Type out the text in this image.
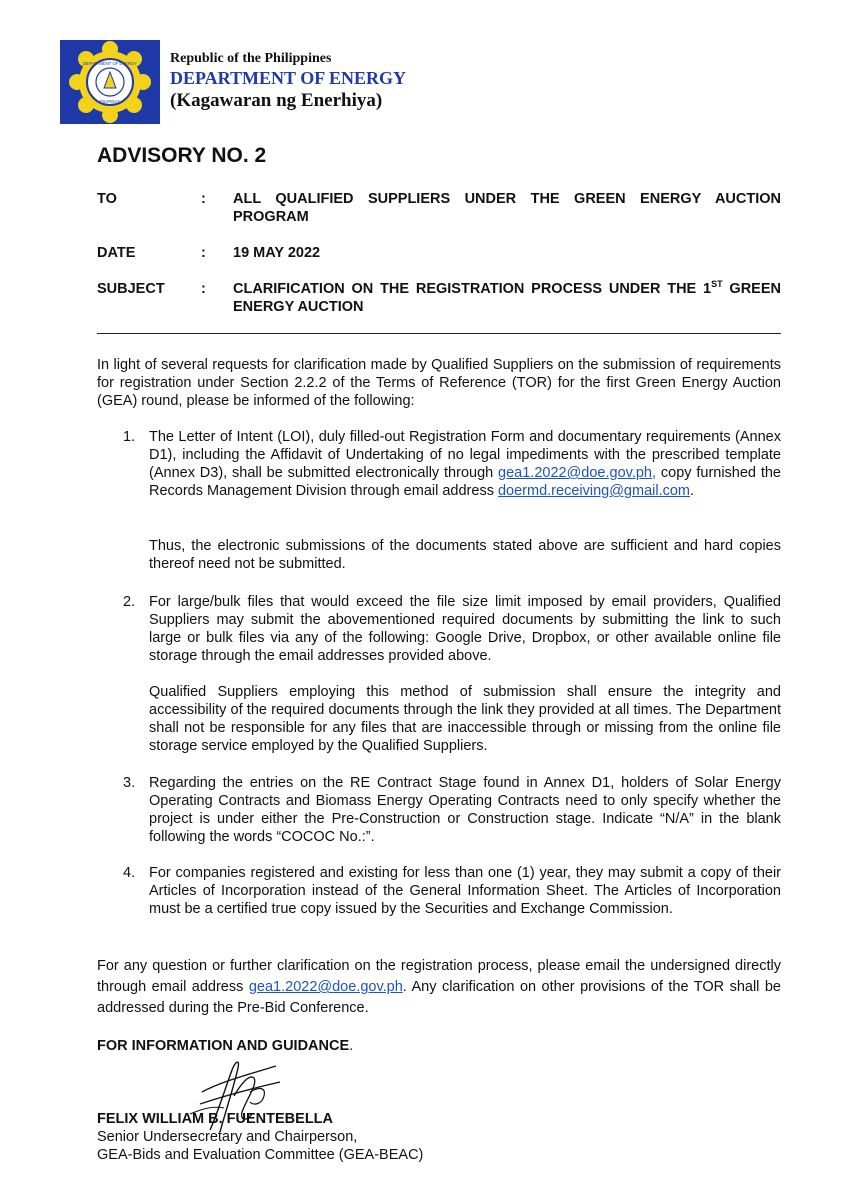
DEPARTMENT OF ENERGY
PILIPINAS
Republic of the Philippines
DEPARTMENT OF ENERGY
(Kagawaran ng Enerhiya)
ADVISORY NO. 2
TO	: ALL QUALIFIED SUPPLIERS UNDER THE GREEN ENERGY AUCTION PROGRAM
DATE	: 19 MAY 2022
SUBJECT	: CLARIFICATION ON THE REGISTRATION PROCESS UNDER THE 1ST GREEN ENERGY AUCTION

In light of several requests for clarification made by Qualified Suppliers on the submission of requirements for registration under Section 2.2.2 of the Terms of Reference (TOR) for the first Green Energy Auction (GEA) round, please be informed of the following:

1. The Letter of Intent (LOI), duly filled-out Registration Form and documentary requirements (Annex D1), including the Affidavit of Undertaking of no legal impediments with the prescribed template (Annex D3), shall be submitted electronically through gea1.2022@doe.gov.ph, copy furnished the Records Management Division through email address doermd.receiving@gmail.com.

Thus, the electronic submissions of the documents stated above are sufficient and hard copies thereof need not be submitted.

2. For large/bulk files that would exceed the file size limit imposed by email providers, Qualified Suppliers may submit the abovementioned required documents by submitting the link to such large or bulk files via any of the following: Google Drive, Dropbox, or other available online file storage through the email addresses provided above.

Qualified Suppliers employing this method of submission shall ensure the integrity and accessibility of the required documents through the link they provided at all times. The Department shall not be responsible for any files that are inaccessible through or missing from the online file storage service employed by the Qualified Suppliers.

3. Regarding the entries on the RE Contract Stage found in Annex D1, holders of Solar Energy Operating Contracts and Biomass Energy Operating Contracts need to only specify whether the project is under either the Pre-Construction or Construction stage. Indicate “N/A” in the blank following the words “COCOC No.:”.
4. For companies registered and existing for less than one (1) year, they may submit a copy of their Articles of Incorporation instead of the General Information Sheet. The Articles of Incorporation must be a certified true copy issued by the Securities and Exchange Commission.

For any question or further clarification on the registration process, please email the undersigned directly through email address gea1.2022@doe.gov.ph. Any clarification on other provisions of the TOR shall be addressed during the Pre-Bid Conference.

FOR INFORMATION AND GUIDANCE.
FELIX WILLIAM B. FUENTEBELLA
Senior Undersecretary and Chairperson,
GEA-Bids and Evaluation Committee (GEA-BEAC)
